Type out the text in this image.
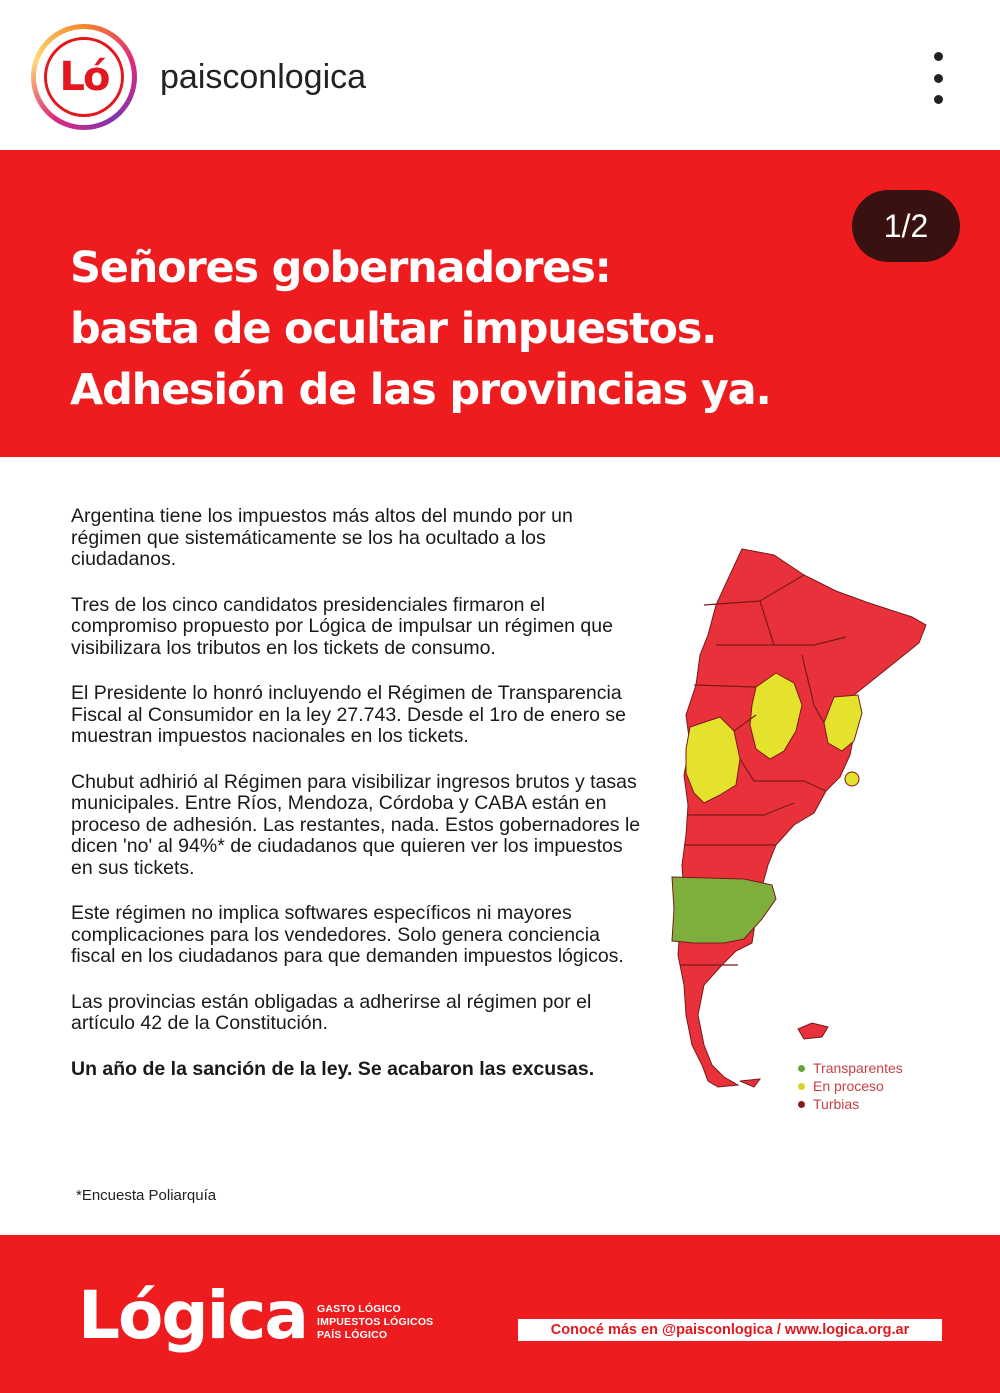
Ló paisconlogica
1/2
Señores gobernadores:
basta de ocultar impuestos.
Adhesión de las provincias ya.

Argentina tiene los impuestos más altos del mundo por un régimen que sistemáticamente se los ha ocultado a los ciudadanos.

Tres de los cinco candidatos presidenciales firmaron el compromiso propuesto por Lógica de impulsar un régimen que visibilizara los tributos en los tickets de consumo.

El Presidente lo honró incluyendo el Régimen de Transparencia Fiscal al Consumidor en la ley 27.743. Desde el 1ro de enero se muestran impuestos nacionales en los tickets.

Chubut adhirió al Régimen para visibilizar ingresos brutos y tasas municipales. Entre Ríos, Mendoza, Córdoba y CABA están en proceso de adhesión. Las restantes, nada. Estos gobernadores le dicen 'no' al 94%* de ciudadanos que quieren ver los impuestos en sus tickets.

Este régimen no implica softwares específicos ni mayores complicaciones para los vendedores. Solo genera conciencia fiscal en los ciudadanos para que demanden impuestos lógicos.

Las provincias están obligadas a adherirse al régimen por el artículo 42 de la Constitución.

Un año de la sanción de la ley. Se acabaron las excusas.

*Encuesta Poliarquía
Transparentes
En proceso
Turbias
Lógica GASTO LÓGICO
IMPUESTOS LÓGICOS
PAÍS LÓGICO	Conocé más en @paisconlogica / www.logica.org.ar
